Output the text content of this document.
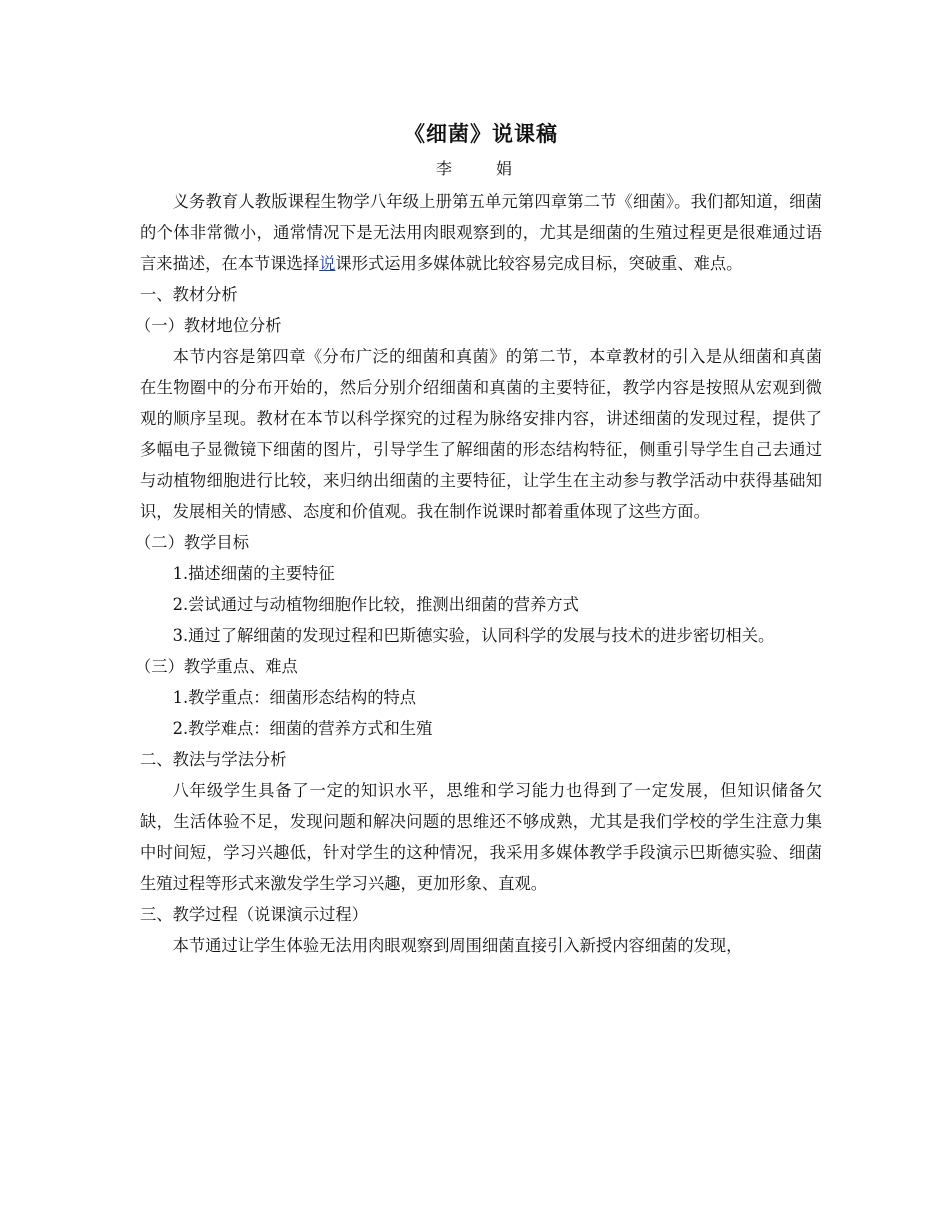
《细菌》说课稿
李　娟

义务教育人教版课程生物学八年级上册第五单元第四章第二节《细菌》。我们都知道，细菌的个体非常微小，通常情况下是无法用肉眼观察到的，尤其是细菌的生殖过程更是很难通过语言来描述，在本节课选择说课形式运用多媒体就比较容易完成目标，突破重、难点。

一、教材分析

（一）教材地位分析

本节内容是第四章《分布广泛的细菌和真菌》的第二节，本章教材的引入是从细菌和真菌在生物圈中的分布开始的，然后分别介绍细菌和真菌的主要特征，教学内容是按照从宏观到微观的顺序呈现。教材在本节以科学探究的过程为脉络安排内容，讲述细菌的发现过程，提供了多幅电子显微镜下细菌的图片，引导学生了解细菌的形态结构特征，侧重引导学生自己去通过与动植物细胞进行比较，来归纳出细菌的主要特征，让学生在主动参与教学活动中获得基础知识，发展相关的情感、态度和价值观。我在制作说课时都着重体现了这些方面。

（二）教学目标

1.描述细菌的主要特征

2.尝试通过与动植物细胞作比较，推测出细菌的营养方式

3.通过了解细菌的发现过程和巴斯德实验，认同科学的发展与技术的进步密切相关。

（三）教学重点、难点

1.教学重点：细菌形态结构的特点

2.教学难点：细菌的营养方式和生殖

二、教法与学法分析

八年级学生具备了一定的知识水平，思维和学习能力也得到了一定发展，但知识储备欠缺，生活体验不足，发现问题和解决问题的思维还不够成熟，尤其是我们学校的学生注意力集中时间短，学习兴趣低，针对学生的这种情况，我采用多媒体教学手段演示巴斯德实验、细菌生殖过程等形式来激发学生学习兴趣，更加形象、直观。

三、教学过程（说课演示过程）

本节通过让学生体验无法用肉眼观察到周围细菌直接引入新授内容细菌的发现，
